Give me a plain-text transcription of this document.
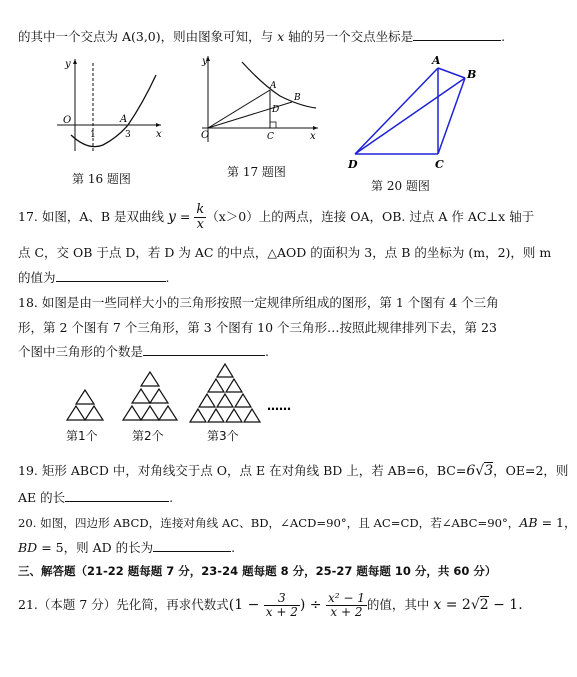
的其中一个交点为 A(3,0)，则由图象可知，与 x 轴的另一个交点坐标是	.
y
O
1	3
A
x
第 16 题图
y
O
A
B
D
C	x
第 17 题图
A
B
C
D
第 20 题图
17. 如图，A、B 是双曲线 $y = \frac{k}{x} (x>0)$上的两点，连接 OA，OB. 过点 A 作 AC⊥x 轴于
点 C，交 OB 于点 D，若 D 为 AC 的中点，△AOD 的面积为 3，点 B 的坐标为 (m，2)，则 m
的值为	.
18. 如图是由一些同样大小的三角形按照一定规律所组成的图形，第 1 个图有 4 个三角
形，第 2 个图有 7 个三角形，第 3 个图有 10 个三角形…按照此规律排列下去，第 23
个图中三角形的个数是	.
……
第1个	第2个	第3个
19. 矩形 ABCD 中，对角线交于点 O，点 E 在对角线 BD 上，若 AB=6，BC=6√3，OE=2，则
AE 的长	.
20. 如图，四边形 ABCD，连接对角线 AC、BD，∠ACD=90°，且 AC=CD，若∠ABC=90°，AB = 1，
BD = 5，则 AD 的长为	.
三、解答题（21-22 题每题 7 分，23-24 题每题 8 分，25-27 题每题 10 分，共 60 分）
21.（本题 7 分）先化简，再求代数式($1 - \frac{3}{x + 2}$ ) ÷ $\frac{\text{x² − 1}}{x + 2}$ 的值，其中 x = 2√2 − 1.
